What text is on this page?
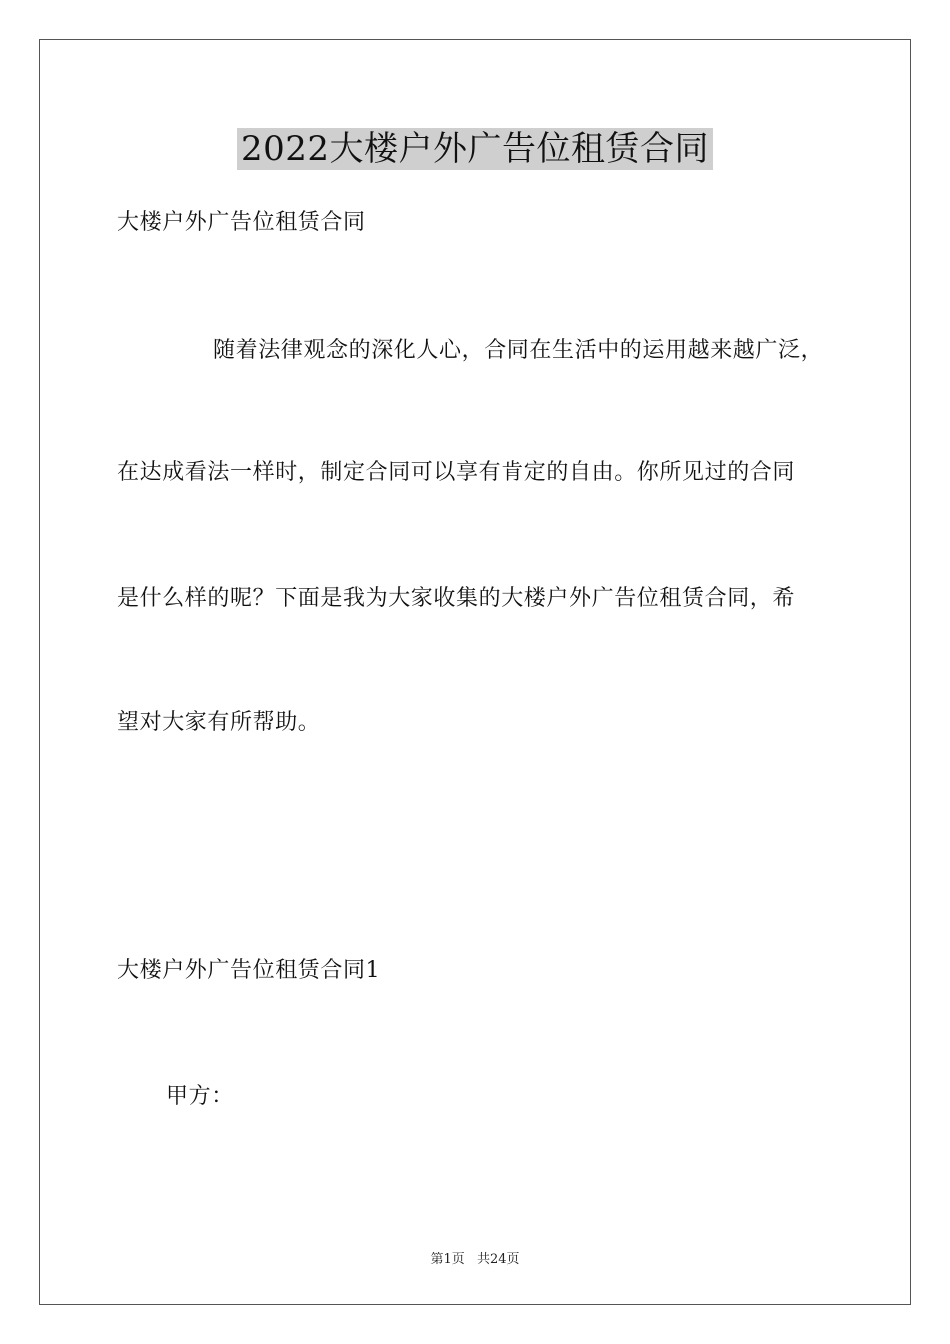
2022大楼户外广告位租赁合同
大楼户外广告位租赁合同
随着法律观念的深化人心，合同在生活中的运用越来越广泛，
在达成看法一样时，制定合同可以享有肯定的自由。你所见过的合同
是什么样的呢？下面是我为大家收集的大楼户外广告位租赁合同，希
望对大家有所帮助。
大楼户外广告位租赁合同1
甲方：
第1页 共24页
